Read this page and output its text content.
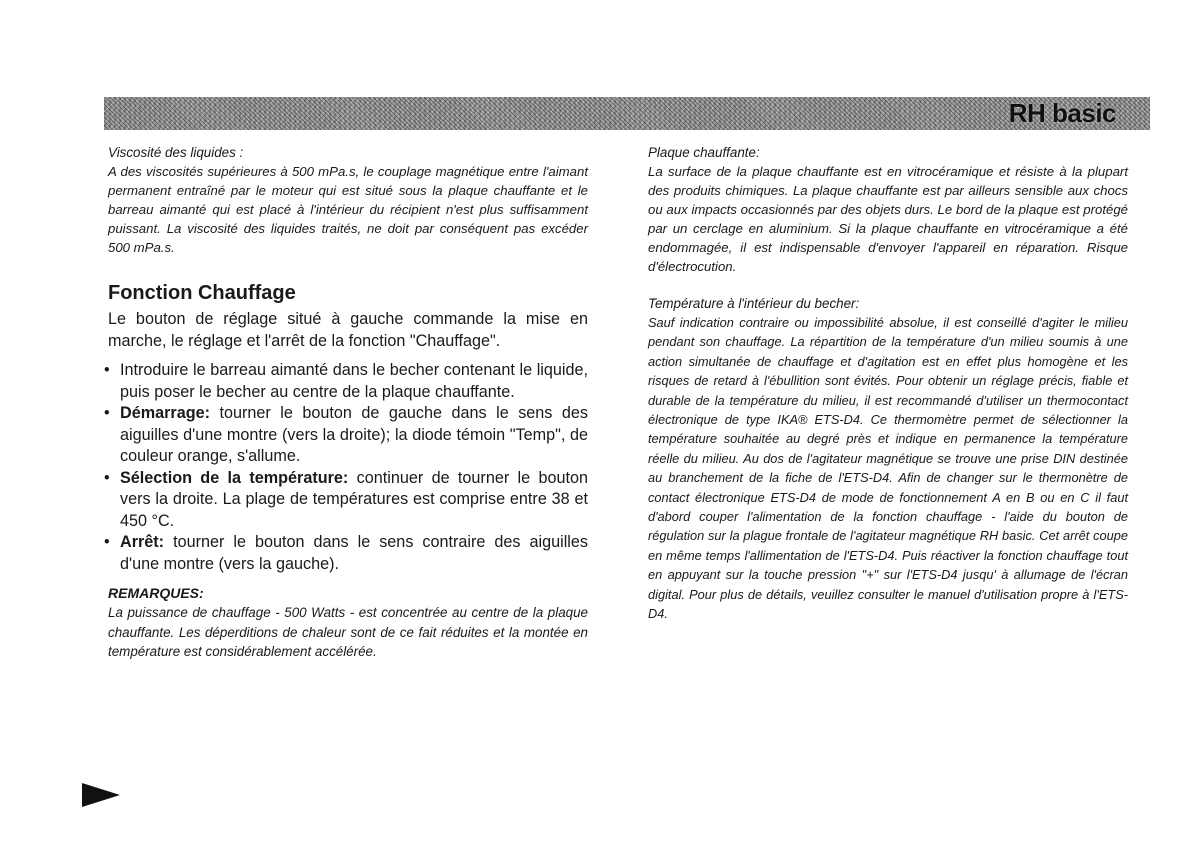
RH basic

Viscosité des liquides :

A des viscosités supérieures à 500 mPa.s, le couplage magnétique entre l'aimant permanent entraîné par le moteur qui est situé sous la plaque chauffante et le barreau aimanté qui est placé à l'intérieur du récipient n'est plus suffisamment puissant. La viscosité des liquides traités, ne doit par conséquent pas excéder 500 mPa.s.

Fonction Chauffage

Le bouton de réglage situé à gauche commande la mise en marche, le réglage et l'arrêt de la fonction "Chauffage".

• Introduire le barreau aimanté dans le becher contenant le liquide, puis poser le becher au centre de la plaque chauffante.
• Démarrage: tourner le bouton de gauche dans le sens des aiguilles d'une montre (vers la droite); la diode témoin "Temp", de couleur orange, s'allume.
• Sélection de la température: continuer de tourner le bouton vers la droite. La plage de températures est comprise entre 38 et 450 °C.
• Arrêt: tourner le bouton dans le sens contraire des aiguilles d'une montre (vers la gauche).

REMARQUES:

La puissance de chauffage - 500 Watts - est concentrée au centre de la plaque chauffante. Les déperditions de chaleur sont de ce fait réduites et la montée en température est considérablement accélérée.

Plaque chauffante:

La surface de la plaque chauffante est en vitrocéramique et résiste à la plupart des produits chimiques. La plaque chauffante est par ailleurs sensible aux chocs ou aux impacts occasionnés par des objets durs. Le bord de la plaque est protégé par un cerclage en aluminium. Si la plaque chauffante en vitrocéramique a été endommagée, il est indispensable d'envoyer l'appareil en réparation. Risque d'électrocution.

Température à l'intérieur du becher:

Sauf indication contraire ou impossibilité absolue, il est conseillé d'agiter le milieu pendant son chauffage. La répartition de la température d'un milieu soumis à une action simultanée de chauffage et d'agitation est en effet plus homogène et les risques de retard à l'ébullition sont évités. Pour obtenir un réglage précis, fiable et durable de la température du milieu, il est recommandé d'utiliser un thermocontact électronique de type IKA® ETS-D4. Ce thermomètre permet de sélectionner la température souhaitée au degré près et indique en permanence la température réelle du milieu. Au dos de l'agitateur magnétique se trouve une prise DIN destinée au branchement de la fiche de l'ETS-D4. Afin de changer sur le thermonètre de contact électronique ETS-D4 de mode de fonctionnement A en B ou en C il faut d'abord couper l'alimentation de la fonction chauffage - l'aide du bouton de régulation sur la plague frontale de l'agitateur magnétique RH basic. Cet arrêt coupe en même temps l'allimentation de l'ETS-D4. Puis réactiver la fonction chauffage tout en appuyant sur la touche pression "+" sur l'ETS-D4 jusqu' à allumage de l'écran digital. Pour plus de détails, veuillez consulter le manuel d'utilisation propre à l'ETS-D4.
